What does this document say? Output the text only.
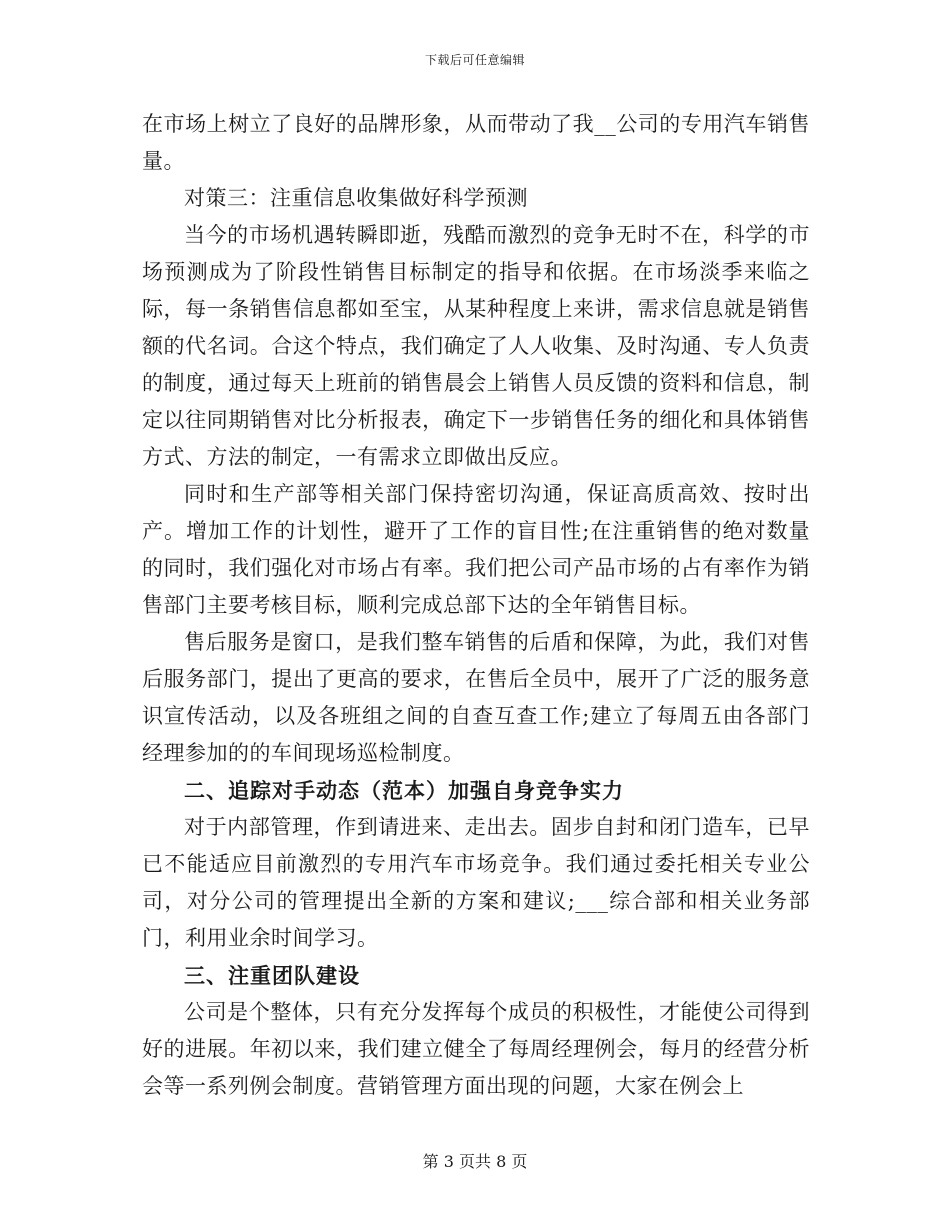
下载后可任意编辑

在市场上树立了良好的品牌形象，从而带动了我__公司的专用汽车销售量。

对策三：注重信息收集做好科学预测

当今的市场机遇转瞬即逝，残酷而激烈的竞争无时不在，科学的市场预测成为了阶段性销售目标制定的指导和依据。在市场淡季来临之际，每一条销售信息都如至宝，从某种程度上来讲，需求信息就是销售额的代名词。合这个特点，我们确定了人人收集、及时沟通、专人负责的制度，通过每天上班前的销售晨会上销售人员反馈的资料和信息，制定以往同期销售对比分析报表，确定下一步销售任务的细化和具体销售方式、方法的制定，一有需求立即做出反应。

同时和生产部等相关部门保持密切沟通，保证高质高效、按时出产。增加工作的计划性，避开了工作的盲目性;在注重销售的绝对数量的同时，我们强化对市场占有率。我们把公司产品市场的占有率作为销售部门主要考核目标，顺利完成总部下达的全年销售目标。

售后服务是窗口，是我们整车销售的后盾和保障，为此，我们对售后服务部门，提出了更高的要求，在售后全员中，展开了广泛的服务意识宣传活动，以及各班组之间的自查互查工作;建立了每周五由各部门经理参加的的车间现场巡检制度。

二、追踪对手动态（范本）加强自身竞争实力

对于内部管理，作到请进来、走出去。固步自封和闭门造车，已早已不能适应目前激烈的专用汽车市场竞争。我们通过委托相关专业公司，对分公司的管理提出全新的方案和建议;___综合部和相关业务部门，利用业余时间学习。

三、注重团队建设

公司是个整体，只有充分发挥每个成员的积极性，才能使公司得到好的进展。年初以来，我们建立健全了每周经理例会，每月的经营分析会等一系列例会制度。营销管理方面出现的问题，大家在例会上

第 3 页共 8 页
